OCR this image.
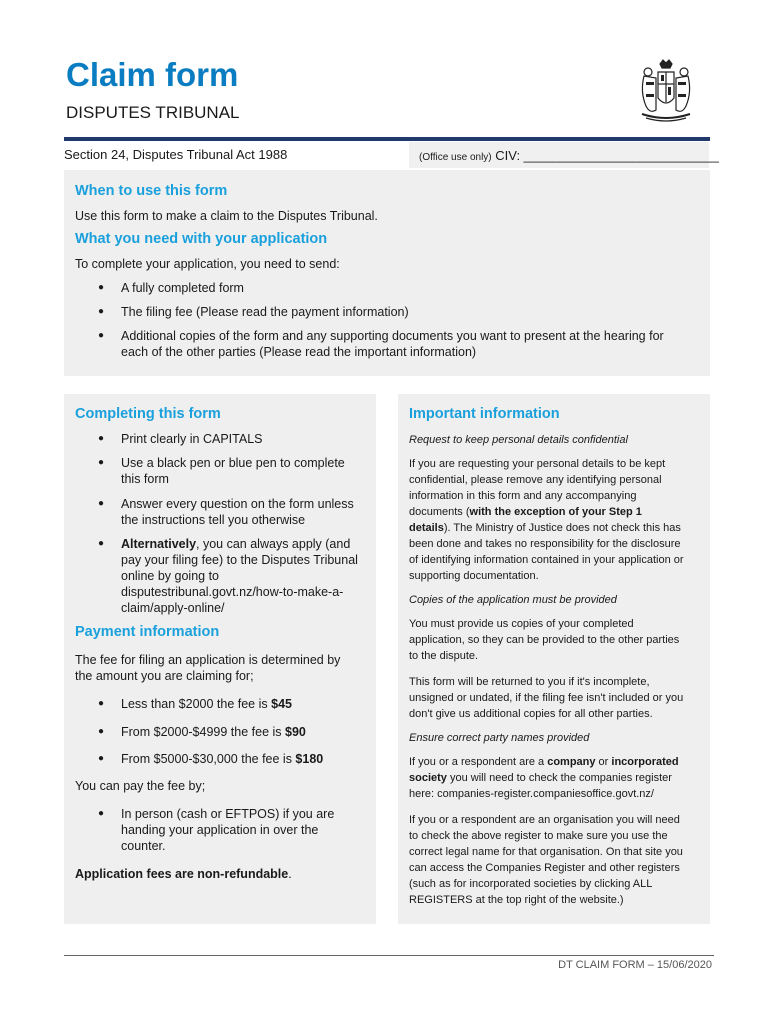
Claim form
DISPUTES TRIBUNAL
Section 24, Disputes Tribunal Act 1988	(Office use only) CIV: ___________________________
When to use this form
Use this form to make a claim to the Disputes Tribunal.
What you need with your application
To complete your application, you need to send:
● A fully completed form
● The filing fee (Please read the payment information)
● Additional copies of the form and any supporting documents you want to present at the hearing for
each of the other parties (Please read the important information)
Completing this form
● Print clearly in CAPITALS
● Use a black pen or blue pen to complete
this form
● Answer every question on the form unless
the instructions tell you otherwise
● Alternatively, you can always apply (and
pay your filing fee) to the Disputes Tribunal
online by going to
disputestribunal.govt.nz/how-to-make-a-
claim/apply-online/
Payment information
The fee for filing an application is determined by
the amount you are claiming for;
● Less than $2000 the fee is $45
● From $2000-$4999 the fee is $90
● From $5000-$30,000 the fee is $180
You can pay the fee by;
● In person (cash or EFTPOS) if you are
handing your application in over the
counter.
Application fees are non-refundable.
Important information
Request to keep personal details confidential
If you are requesting your personal details to be kept
confidential, please remove any identifying personal
information in this form and any accompanying
documents (with the exception of your Step 1
details). The Ministry of Justice does not check this has
been done and takes no responsibility for the disclosure
of identifying information contained in your application or
supporting documentation.
Copies of the application must be provided
You must provide us copies of your completed
application, so they can be provided to the other parties
to the dispute.
This form will be returned to you if it's incomplete,
unsigned or undated, if the filing fee isn't included or you
don't give us additional copies for all other parties.
Ensure correct party names provided
If you or a respondent are a company or incorporated
society you will need to check the companies register
here: companies-register.companiesoffice.govt.nz/
If you or a respondent are an organisation you will need
to check the above register to make sure you use the
correct legal name for that organisation. On that site you
can access the Companies Register and other registers
(such as for incorporated societies by clicking ALL
REGISTERS at the top right of the website.)
DT CLAIM FORM – 15/06/2020
